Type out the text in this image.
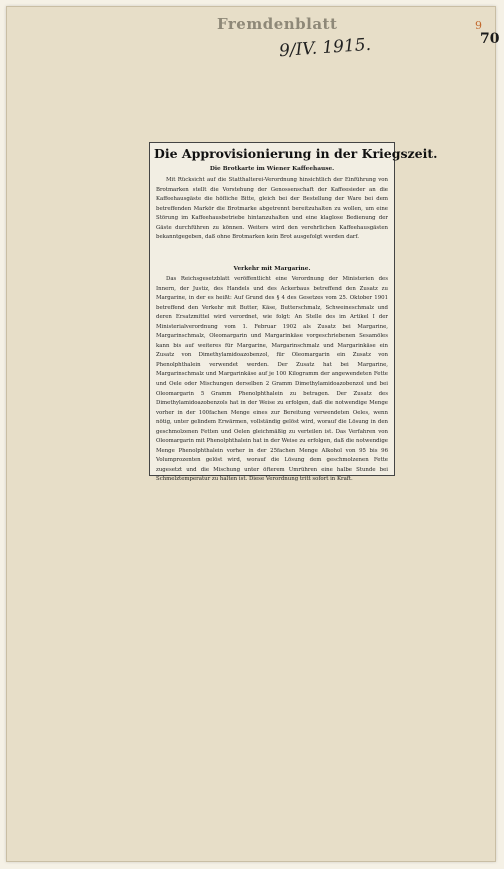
Fremdenblatt
9/IV. 1915.
9
70
Die Approvisionierung in der Kriegszeit.
Die Brotkarte im Wiener Kaffeehause.
Mit Rücksicht auf die Statthalterei-Verordnung hinsichtlich der Einführung von Brotmarken stellt die Vorstehung der Genossenschaft der Kaffeesieder an die Kaffeehausgäste die höfliche Bitte, gleich bei der Bestellung der Ware bei dem betreffenden Markör die Brotmarke abgetrennt bereitzuhalten zu wollen, um eine Störung im Kaffeehausbetriebe hintanzuhalten und eine klaglose Bedienung der Gäste durchführen zu können. Weiters wird den verehrlichen Kaffeehausgästen bekanntgegeben, daß ohne Brotmarken kein Brot ausgefolgt werden darf.
Verkehr mit Margarine.
Das Reichsgesetzblatt veröffentlicht eine Verordnung der Ministerien des Innern, der Justiz, des Handels und des Ackerbaus betreffend den Zusatz zu Margarine, in der es heißt: Auf Grund des § 4 des Gesetzes vom 25. Oktober 1901 betreffend den Verkehr mit Butter, Käse, Butterschmalz, Schweineschmalz und deren Ersatzmittel wird verordnet, wie folgt: An Stelle des im Artikel I der Ministerialverordnung vom 1. Februar 1902 als Zusatz bei Margarine, Margarinschmalz, Oleomargarin und Margarinkäse vorgeschriebenen Sesamöles kann bis auf weiteres für Margarine, Margarinschmalz und Margarinkäse ein Zusatz von Dimethylamidoazobenzol, für Oleomargarin ein Zusatz von Phenolphthalein verwendet werden. Der Zusatz hat bei Margarine, Margarinschmalz und Margarinkäse auf je 100 Kilogramm der angewendeten Fette und Oele oder Mischungen derselben 2 Gramm Dimethylamidoazobenzol und bei Oleomargarin 5 Gramm Phenolphthalein zu betragen. Der Zusatz des Dimethylamidoazobenzols hat in der Weise zu erfolgen, daß die notwendige Menge vorher in der 100fachen Menge eines zur Bereitung verwendeten Oeles, wenn nötig, unter gelindem Erwärmen, vollständig gelöst wird, worauf die Lösung in den geschmolzenen Fetten und Oelen gleichmäßig zu verteilen ist. Das Verfahren von Oleomargarin mit Phenolphthalein hat in der Weise zu erfolgen, daß die notwendige Menge Phenolphthalein vorher in der 25fachen Menge Alkohol von 95 bis 96 Volumprozenten gelöst wird, worauf die Lösung dem geschmolzenen Fette zugesetzt und die Mischung unter öfterem Umrühren eine halbe Stunde bei Schmelztemperatur zu halten ist. Diese Verordnung tritt sofort in Kraft.
